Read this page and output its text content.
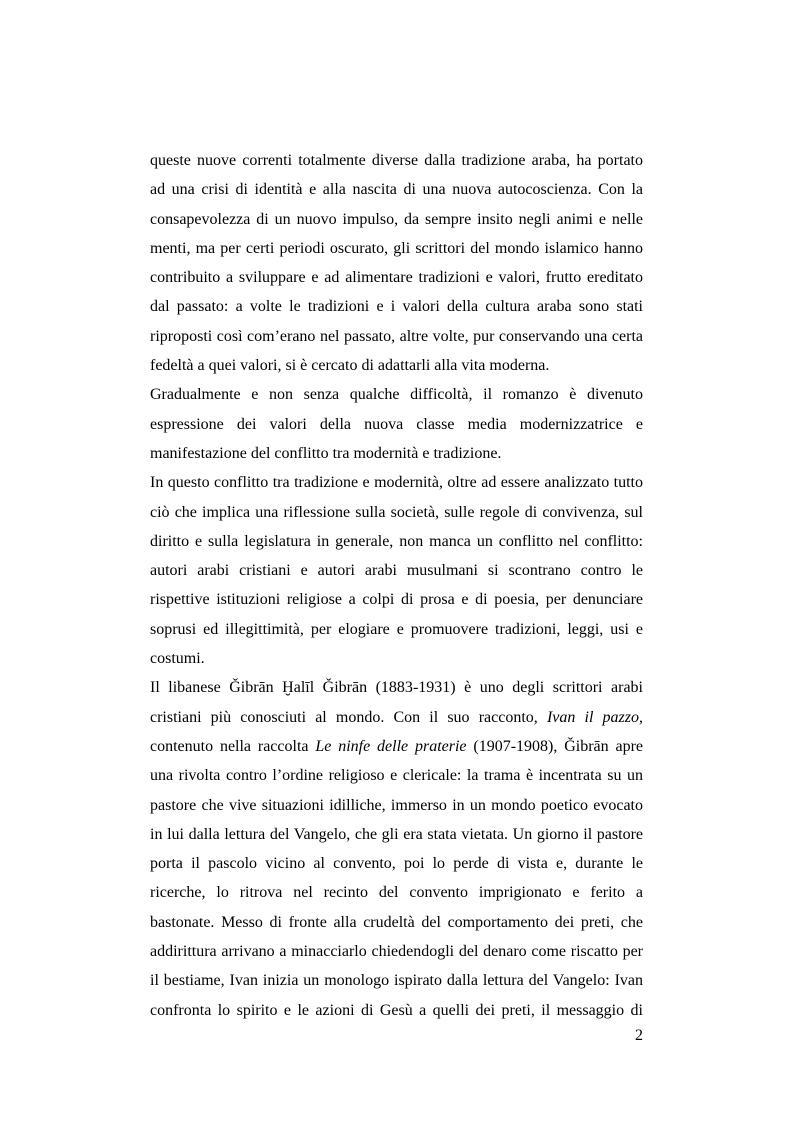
queste nuove correnti totalmente diverse dalla tradizione araba, ha portato
ad una crisi di identità e alla nascita di una nuova autocoscienza. Con la
consapevolezza di un nuovo impulso, da sempre insito negli animi e nelle
menti, ma per certi periodi oscurato, gli scrittori del mondo islamico hanno
contribuito a sviluppare e ad alimentare tradizioni e valori, frutto ereditato
dal passato: a volte le tradizioni e i valori della cultura araba sono stati
riproposti così com’erano nel passato, altre volte, pur conservando una certa
fedeltà a quei valori, si è cercato di adattarli alla vita moderna.
Gradualmente e non senza qualche difficoltà, il romanzo è divenuto
espressione dei valori della nuova classe media modernizzatrice e
manifestazione del conflitto tra modernità e tradizione.
In questo conflitto tra tradizione e modernità, oltre ad essere analizzato tutto
ciò che implica una riflessione sulla società, sulle regole di convivenza, sul
diritto e sulla legislatura in generale, non manca un conflitto nel conflitto:
autori arabi cristiani e autori arabi musulmani si scontrano contro le
rispettive istituzioni religiose a colpi di prosa e di poesia, per denunciare
soprusi ed illegittimità, per elogiare e promuovere tradizioni, leggi, usi e
costumi.
Il libanese Ǧibrān Ḫalīl Ǧibrān (1883-1931) è uno degli scrittori arabi
cristiani più conosciuti al mondo. Con il suo racconto, Ivan il pazzo,
contenuto nella raccolta Le ninfe delle praterie (1907-1908), Ǧibrān apre
una rivolta contro l’ordine religioso e clericale: la trama è incentrata su un
pastore che vive situazioni idilliche, immerso in un mondo poetico evocato
in lui dalla lettura del Vangelo, che gli era stata vietata. Un giorno il pastore
porta il pascolo vicino al convento, poi lo perde di vista e, durante le
ricerche, lo ritrova nel recinto del convento imprigionato e ferito a
bastonate. Messo di fronte alla crudeltà del comportamento dei preti, che
addirittura arrivano a minacciarlo chiedendogli del denaro come riscatto per
il bestiame, Ivan inizia un monologo ispirato dalla lettura del Vangelo: Ivan
confronta lo spirito e le azioni di Gesù a quelli dei preti, il messaggio di
2
